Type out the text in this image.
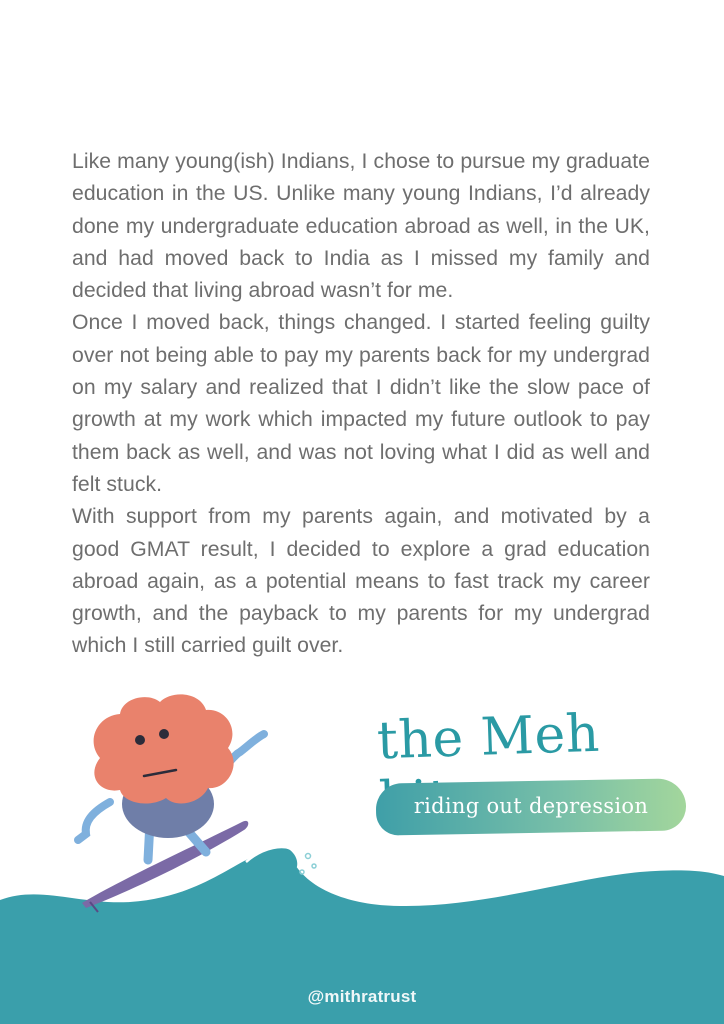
Like many young(ish) Indians, I chose to pursue my graduate education in the US. Unlike many young Indians, I’d already done my undergraduate education abroad as well, in the UK, and had moved back to India as I missed my family and decided that living abroad wasn’t for me.

Once I moved back, things changed. I started feeling guilty over not being able to pay my parents back for my undergrad on my salary and realized that I didn’t like the slow pace of growth at my work which impacted my future outlook to pay them back as well, and was not loving what I did as well and felt stuck.

With support from my parents again, and motivated by a good GMAT result, I decided to explore a grad education abroad again, as a potential means to fast track my career growth, and the payback to my parents for my undergrad which I still carried guilt over.

the Meh
riding out depression
@mithratrust
